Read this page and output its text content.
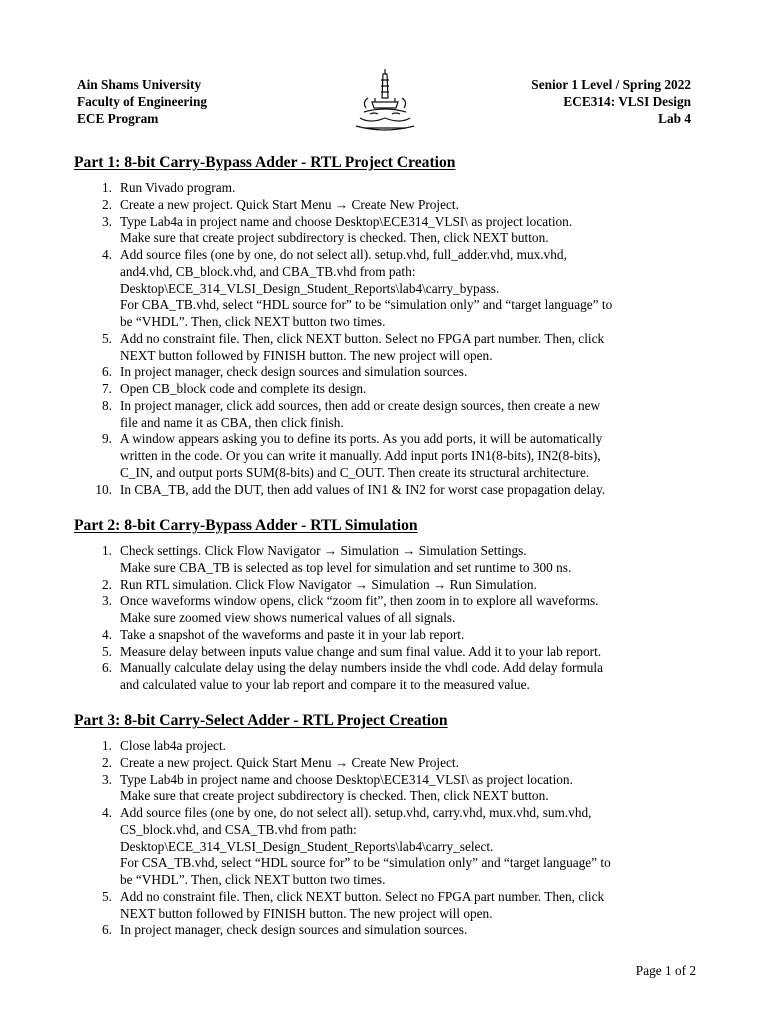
Ain Shams University
Faculty of Engineering
ECE Program
Senior 1 Level / Spring 2022
ECE314: VLSI Design
Lab 4
Part 1: 8-bit Carry-Bypass Adder - RTL Project Creation
1. Run Vivado program.
2. Create a new project. Quick Start Menu → Create New Project.
3. Type Lab4a in project name and choose Desktop\ECE314_VLSI\ as project location.
Make sure that create project subdirectory is checked. Then, click NEXT button.
4. Add source files (one by one, do not select all). setup.vhd, full_adder.vhd, mux.vhd,
and4.vhd, CB_block.vhd, and CBA_TB.vhd from path:
Desktop\ECE_314_VLSI_Design_Student_Reports\lab4\carry_bypass.
For CBA_TB.vhd, select “HDL source for” to be “simulation only” and “target language” to
be “VHDL”. Then, click NEXT button two times.
5. Add no constraint file. Then, click NEXT button. Select no FPGA part number. Then, click
NEXT button followed by FINISH button. The new project will open.
6. In project manager, check design sources and simulation sources.
7. Open CB_block code and complete its design.
8. In project manager, click add sources, then add or create design sources, then create a new
file and name it as CBA, then click finish.
9. A window appears asking you to define its ports. As you add ports, it will be automatically
written in the code. Or you can write it manually. Add input ports IN1(8-bits), IN2(8-bits),
C_IN, and output ports SUM(8-bits) and C_OUT. Then create its structural architecture.
10. In CBA_TB, add the DUT, then add values of IN1 & IN2 for worst case propagation delay.
Part 2: 8-bit Carry-Bypass Adder - RTL Simulation
1. Check settings. Click Flow Navigator → Simulation → Simulation Settings.
Make sure CBA_TB is selected as top level for simulation and set runtime to 300 ns.
2. Run RTL simulation. Click Flow Navigator → Simulation → Run Simulation.
3. Once waveforms window opens, click “zoom fit”, then zoom in to explore all waveforms.
Make sure zoomed view shows numerical values of all signals.
4. Take a snapshot of the waveforms and paste it in your lab report.
5. Measure delay between inputs value change and sum final value. Add it to your lab report.
6. Manually calculate delay using the delay numbers inside the vhdl code. Add delay formula
and calculated value to your lab report and compare it to the measured value.
Part 3: 8-bit Carry-Select Adder - RTL Project Creation
1. Close lab4a project.
2. Create a new project. Quick Start Menu → Create New Project.
3. Type Lab4b in project name and choose Desktop\ECE314_VLSI\ as project location.
Make sure that create project subdirectory is checked. Then, click NEXT button.
4. Add source files (one by one, do not select all). setup.vhd, carry.vhd, mux.vhd, sum.vhd,
CS_block.vhd, and CSA_TB.vhd from path:
Desktop\ECE_314_VLSI_Design_Student_Reports\lab4\carry_select.
For CSA_TB.vhd, select “HDL source for” to be “simulation only” and “target language” to
be “VHDL”. Then, click NEXT button two times.
5. Add no constraint file. Then, click NEXT button. Select no FPGA part number. Then, click
NEXT button followed by FINISH button. The new project will open.
6. In project manager, check design sources and simulation sources.
Page 1 of 2
